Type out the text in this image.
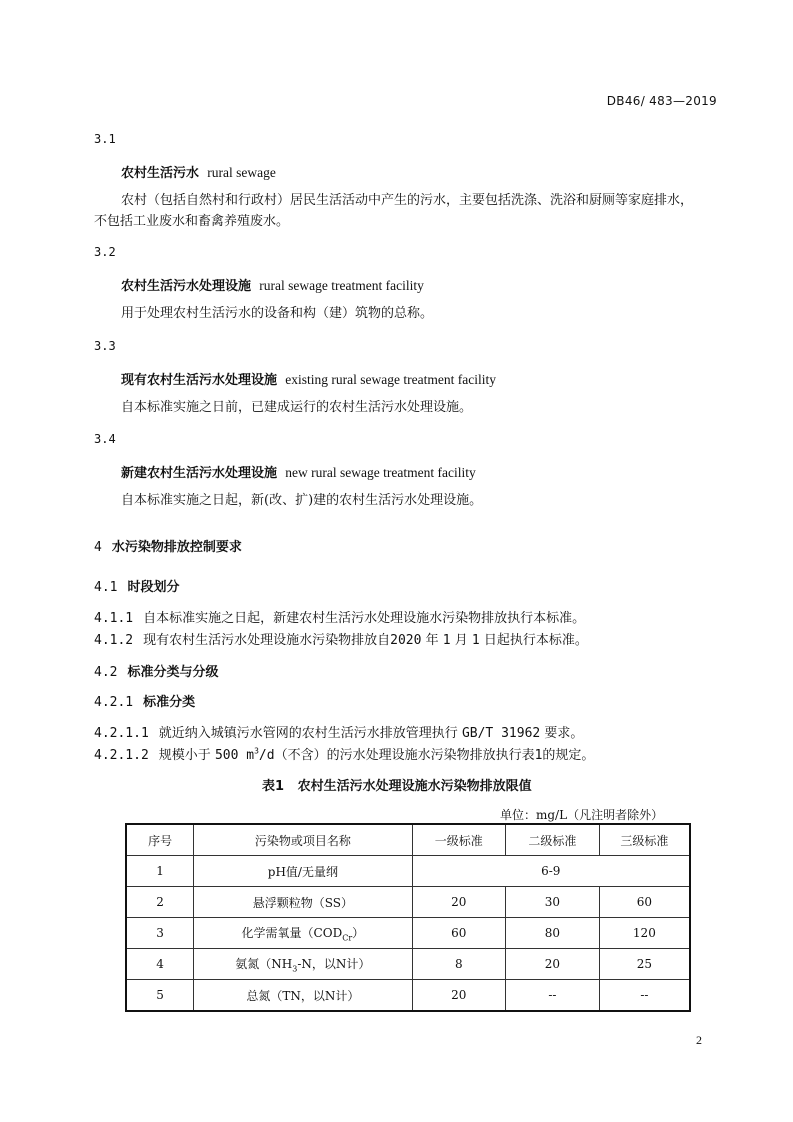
DB46/ 483—2019
3.1
农村生活污水 rural sewage
农村（包括自然村和行政村）居民生活活动中产生的污水，主要包括洗涤、洗浴和厨厕等家庭排水，
不包括工业废水和畜禽养殖废水。
3.2
农村生活污水处理设施 rural sewage treatment facility
用于处理农村生活污水的设备和构（建）筑物的总称。
3.3
现有农村生活污水处理设施 existing rural sewage treatment facility
自本标准实施之日前，已建成运行的农村生活污水处理设施。
3.4
新建农村生活污水处理设施 new rural sewage treatment facility
自本标准实施之日起，新(改、扩)建的农村生活污水处理设施。
4 水污染物排放控制要求
4.1 时段划分
4.1.1 自本标准实施之日起，新建农村生活污水处理设施水污染物排放执行本标准。
4.1.2 现有农村生活污水处理设施水污染物排放自2020 年 1 月 1 日起执行本标准。
4.2 标准分类与分级
4.2.1 标准分类
4.2.1.1 就近纳入城镇污水管网的农村生活污水排放管理执行 GB/T 31962 要求。
4.2.1.2 规模小于 500 $m^3/d$（不含）的污水处理设施水污染物排放执行表1的规定。
表1 农村生活污水处理设施水污染物排放限值
单位：mg/L（凡注明者除外）
序号	污染物或项目名称	一级标准	二级标准	三级标准
1	pH值/无量纲	6-9		
2	悬浮颗粒物（SS）	20	30	60
3	化学需氧量$(COD_{Cr})$	60	80	120
4	氨氮（$NH_3-N$，以N计）	8	20	25
5	总氮（TN，以N计）	20	--	--
2
